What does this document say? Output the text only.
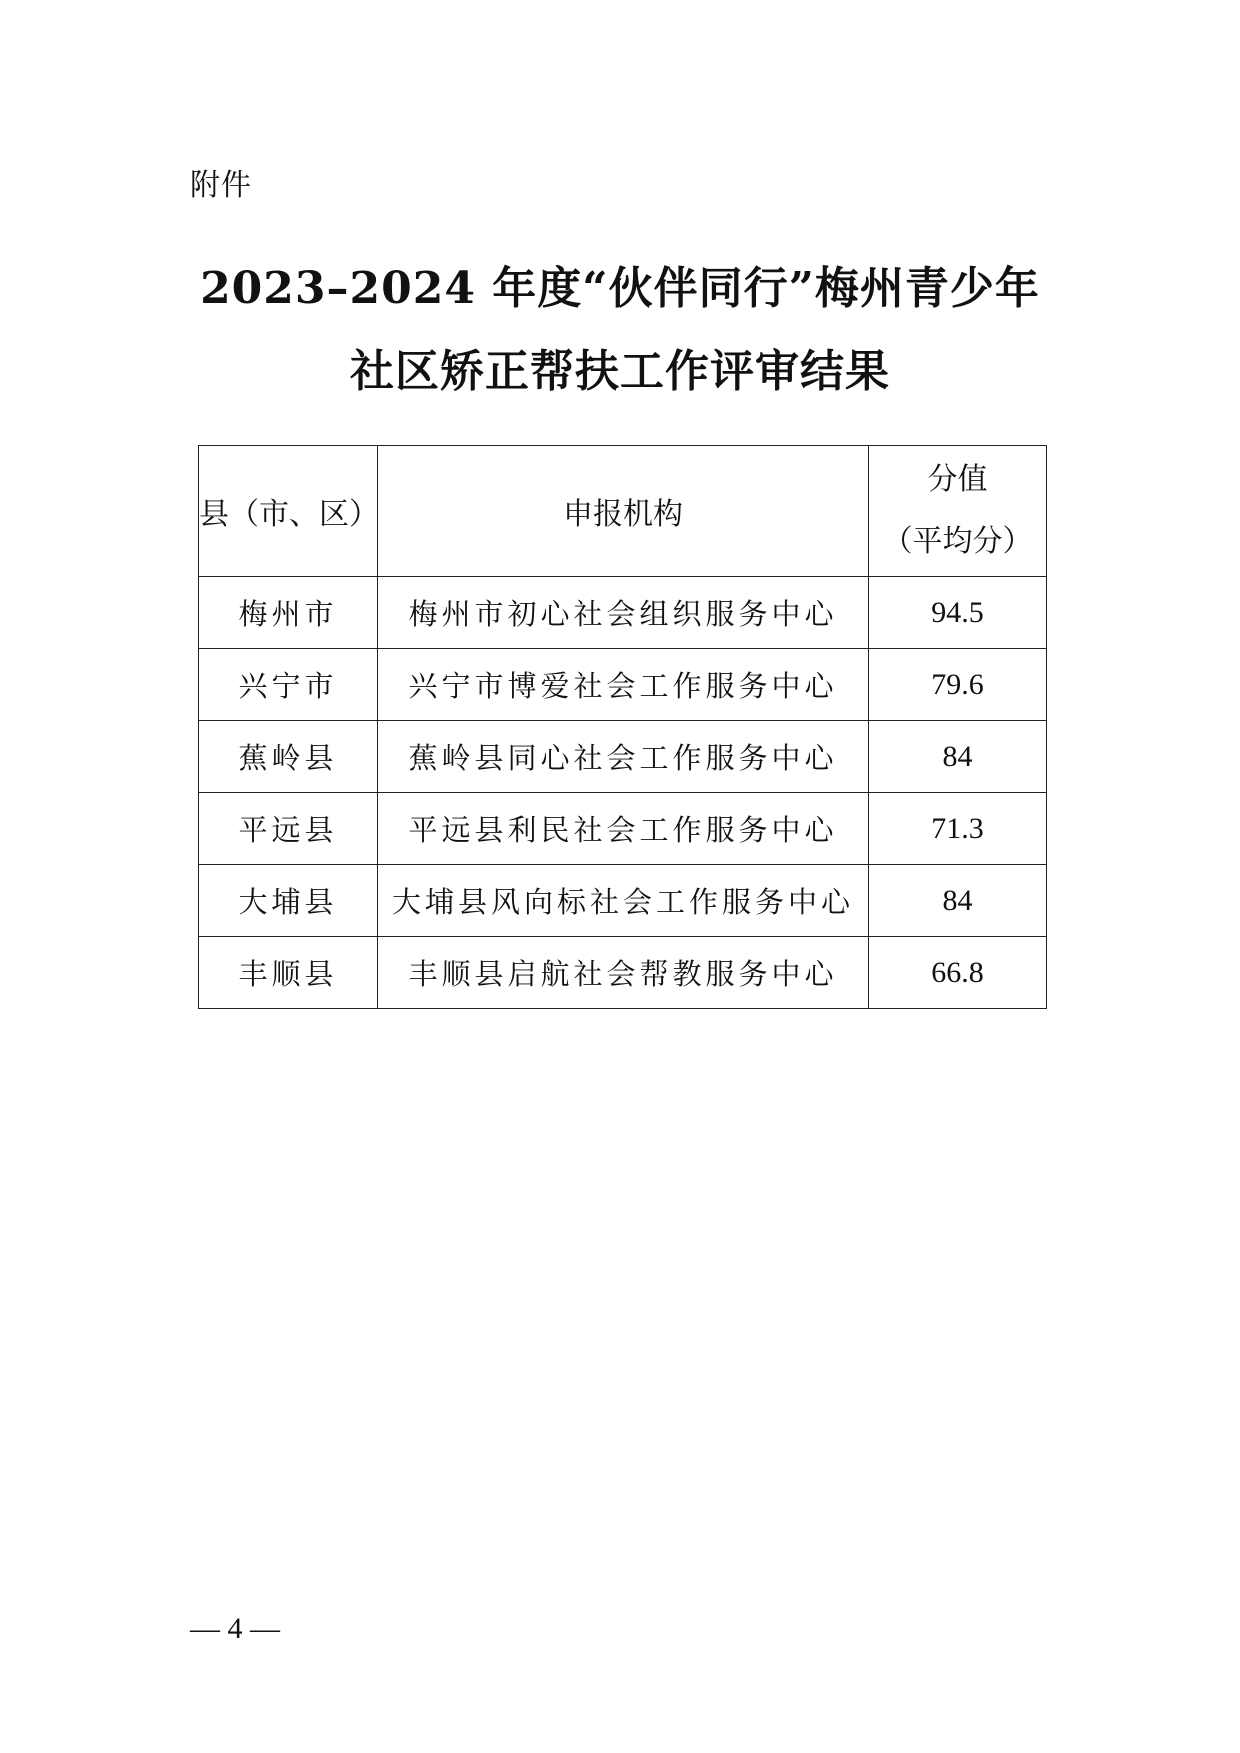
附件
2023–2024 年度“伙伴同行”梅州青少年
社区矫正帮扶工作评审结果
县（市、区）	申报机构	分值
（平均分）

梅州市	梅州市初心社会组织服务中心	94.5
兴宁市	兴宁市博爱社会工作服务中心	79.6
蕉岭县	蕉岭县同心社会工作服务中心	84
平远县	平远县利民社会工作服务中心	71.3
大埔县	大埔县风向标社会工作服务中心	84
丰顺县	丰顺县启航社会帮教服务中心	66.8
— 4 —
